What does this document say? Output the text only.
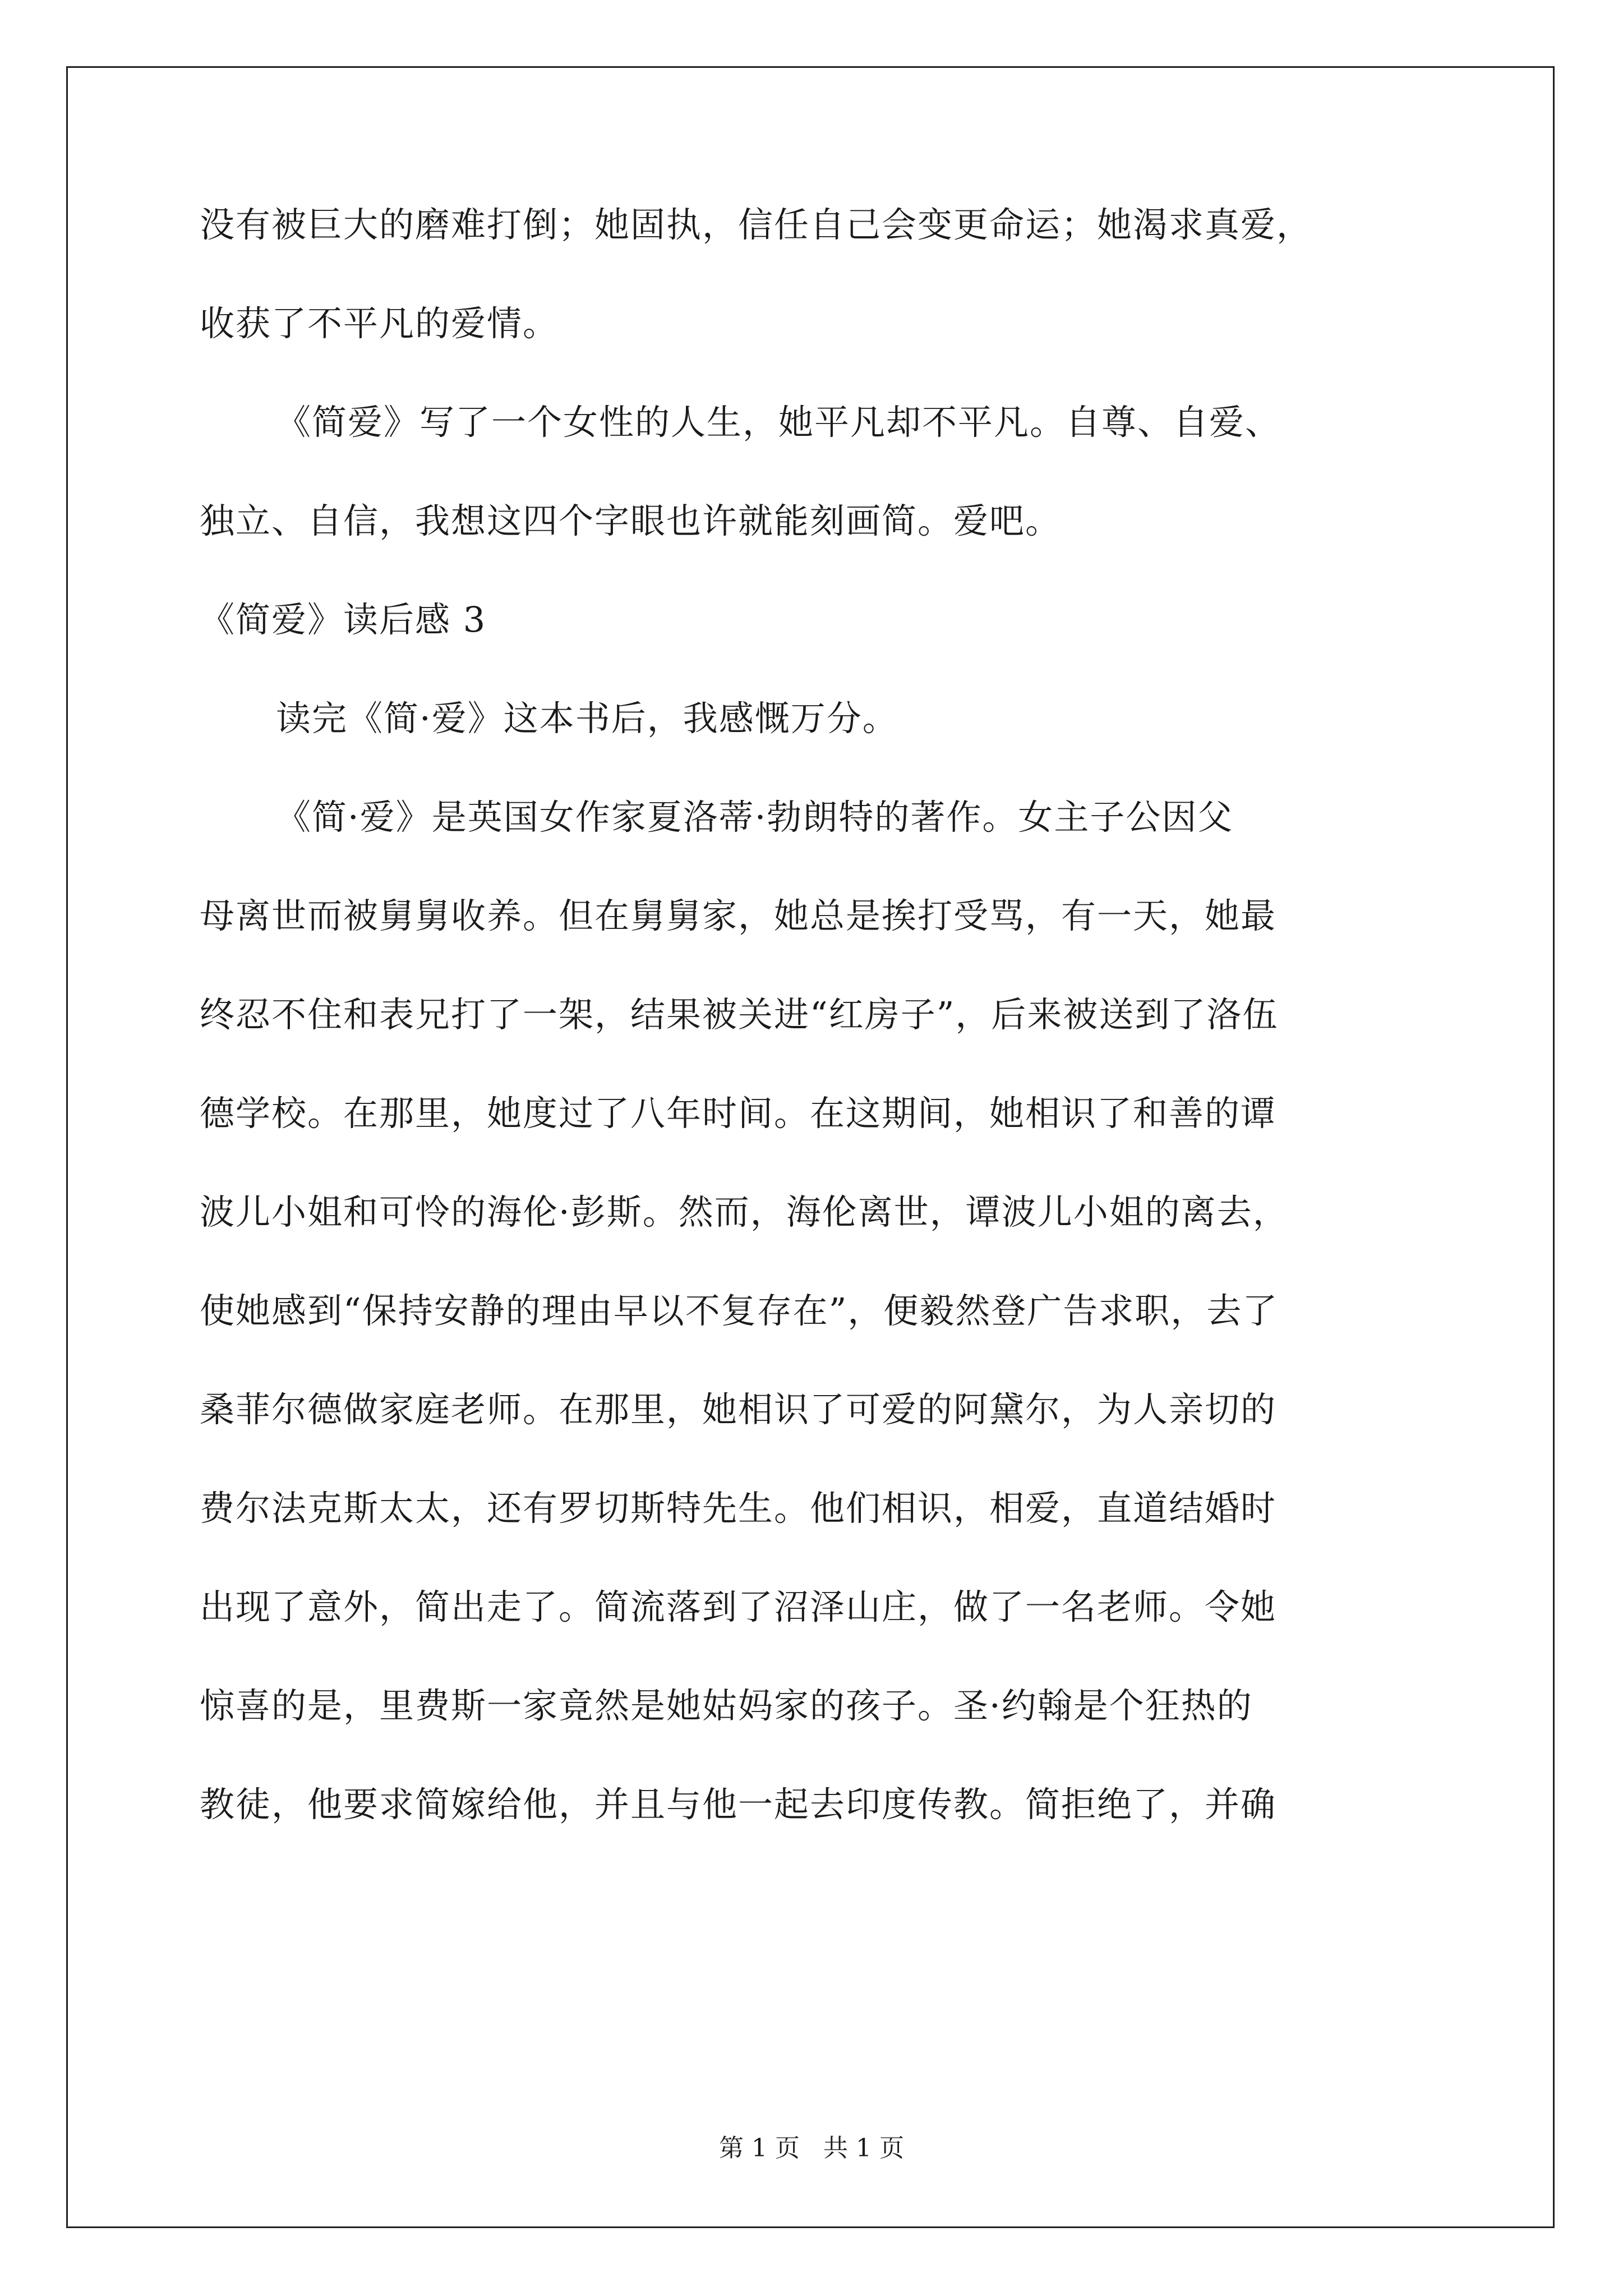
没有被巨大的磨难打倒；她固执，信任自己会变更命运；她渴求真爱，
收获了不平凡的爱情。
《简爱》写了一个女性的人生，她平凡却不平凡。自尊、自爱、
独立、自信，我想这四个字眼也许就能刻画简。爱吧。
《简爱》读后感 3
读完《简·爱》这本书后，我感慨万分。
《简·爱》是英国女作家夏洛蒂·勃朗特的著作。女主子公因父
母离世而被舅舅收养。但在舅舅家，她总是挨打受骂，有一天，她最
终忍不住和表兄打了一架，结果被关进“红房子”，后来被送到了洛伍
德学校。在那里，她度过了八年时间。在这期间，她相识了和善的谭
波儿小姐和可怜的海伦·彭斯。然而，海伦离世，谭波儿小姐的离去，
使她感到“保持安静的理由早以不复存在”，便毅然登广告求职，去了
桑菲尔德做家庭老师。在那里，她相识了可爱的阿黛尔，为人亲切的
费尔法克斯太太，还有罗切斯特先生。他们相识，相爱，直道结婚时
出现了意外，简出走了。简流落到了沼泽山庄，做了一名老师。令她
惊喜的是，里费斯一家竟然是她姑妈家的孩子。圣·约翰是个狂热的
教徒，他要求简嫁给他，并且与他一起去印度传教。简拒绝了，并确
第 1 页   共 1 页
